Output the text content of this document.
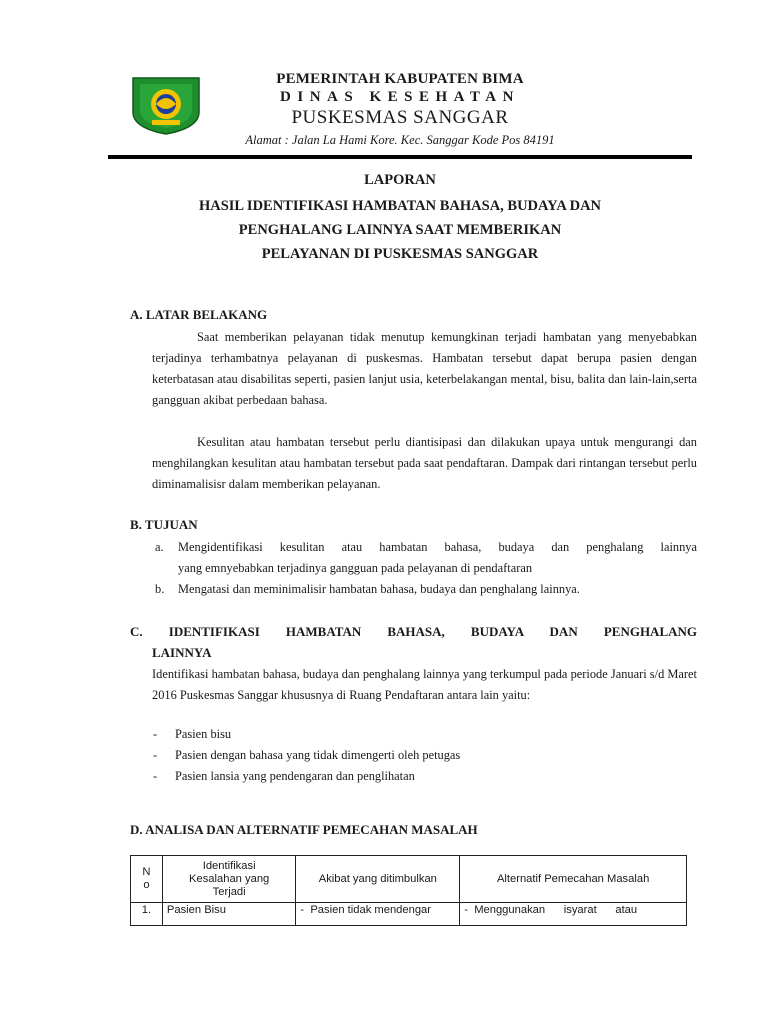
PEMERINTAH KABUPATEN BIMA
DINAS KESEHATAN
PUSKESMAS SANGGAR
Alamat : Jalan La Hami Kore. Kec. Sanggar Kode Pos 84191
LAPORAN
HASIL IDENTIFIKASI HAMBATAN BAHASA, BUDAYA DAN
PENGHALANG LAINNYA SAAT MEMBERIKAN
PELAYANAN DI PUSKESMAS SANGGAR
A. LATAR BELAKANG
Saat memberikan pelayanan tidak menutup kemungkinan terjadi hambatan yang menyebabkan terjadinya terhambatnya pelayanan di puskesmas. Hambatan tersebut dapat berupa pasien dengan keterbatasan atau disabilitas seperti, pasien lanjut usia, keterbelakangan mental, bisu, balita dan lain-lain,serta gangguan akibat perbedaan bahasa.
Kesulitan atau hambatan tersebut perlu diantisipasi dan dilakukan upaya untuk mengurangi dan menghilangkan kesulitan atau hambatan tersebut pada saat pendaftaran. Dampak dari rintangan tersebut perlu diminamalisisr dalam memberikan pelayanan.
B. TUJUAN
a. Mengidentifikasi kesulitan atau hambatan bahasa, budaya dan penghalang lainnya
yang emnyebabkan terjadinya gangguan pada pelayanan di pendaftaran
b. Mengatasi dan meminimalisir hambatan bahasa, budaya dan penghalang lainnya.
C. IDENTIFIKASI HAMBATAN BAHASA, BUDAYA DAN PENGHALANG
LAINNYA
Identifikasi hambatan bahasa, budaya dan penghalang lainnya yang terkumpul pada periode Januari s/d Maret 2016 Puskesmas Sanggar khususnya di Ruang Pendaftaran antara lain yaitu:
- Pasien bisu
- Pasien dengan bahasa yang tidak dimengerti oleh petugas
- Pasien lansia yang pendengaran dan penglihatan
D. ANALISA DAN ALTERNATIF PEMECAHAN MASALAH
N
o	Identifikasi
Kesalahan yang
Terjadi	Akibat yang ditimbulkan	Alternatif Pemecahan Masalah
1.	Pasien Bisu	-  Pasien tidak mendengar	-  Menggunakan      isyarat      atau
